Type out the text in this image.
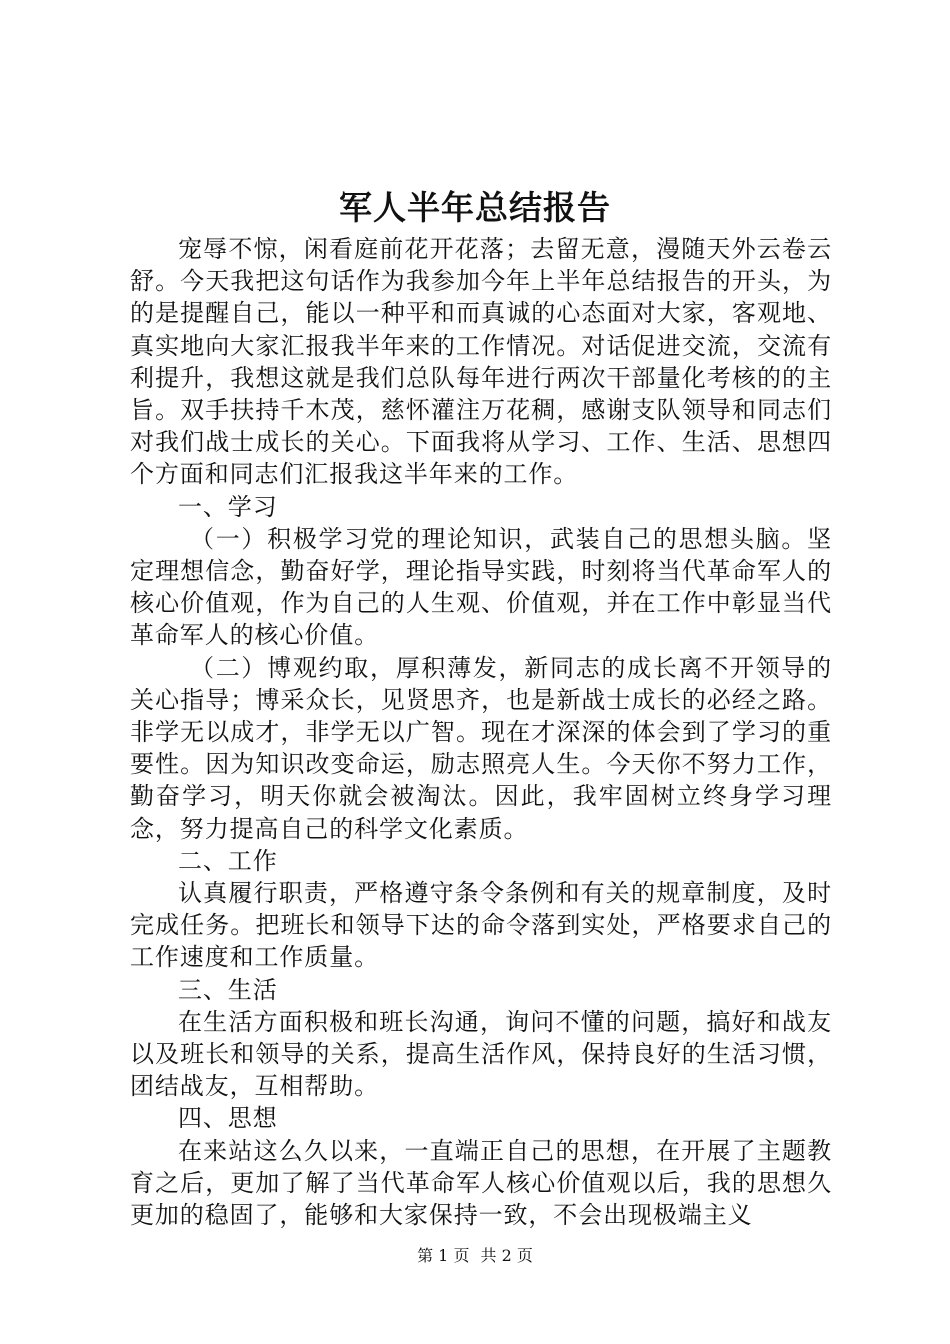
军人半年总结报告

宠辱不惊，闲看庭前花开花落；去留无意，漫随天外云卷云舒。今天我把这句话作为我参加今年上半年总结报告的开头，为的是提醒自己，能以一种平和而真诚的心态面对大家，客观地、真实地向大家汇报我半年来的工作情况。对话促进交流，交流有利提升，我想这就是我们总队每年进行两次干部量化考核的的主旨。双手扶持千木茂，慈怀灌注万花稠，感谢支队领导和同志们对我们战士成长的关心。下面我将从学习、工作、生活、思想四个方面和同志们汇报我这半年来的工作。

一、学习

（一）积极学习党的理论知识，武装自己的思想头脑。坚定理想信念，勤奋好学，理论指导实践，时刻将当代革命军人的核心价值观，作为自己的人生观、价值观，并在工作中彰显当代革命军人的核心价值。

（二）博观约取，厚积薄发，新同志的成长离不开领导的关心指导；博采众长，见贤思齐，也是新战士成长的必经之路。非学无以成才，非学无以广智。现在才深深的体会到了学习的重要性。因为知识改变命运，励志照亮人生。今天你不努力工作，勤奋学习，明天你就会被淘汰。因此，我牢固树立终身学习理念，努力提高自己的科学文化素质。

二、工作

认真履行职责，严格遵守条令条例和有关的规章制度，及时完成任务。把班长和领导下达的命令落到实处，严格要求自己的工作速度和工作质量。

三、生活

在生活方面积极和班长沟通，询问不懂的问题，搞好和战友以及班长和领导的关系，提高生活作风，保持良好的生活习惯，团结战友，互相帮助。

四、思想

在来站这么久以来，一直端正自己的思想，在开展了主题教育之后，更加了解了当代革命军人核心价值观以后，我的思想久更加的稳固了，能够和大家保持一致，不会出现极端主义

第 1 页 共 2 页
